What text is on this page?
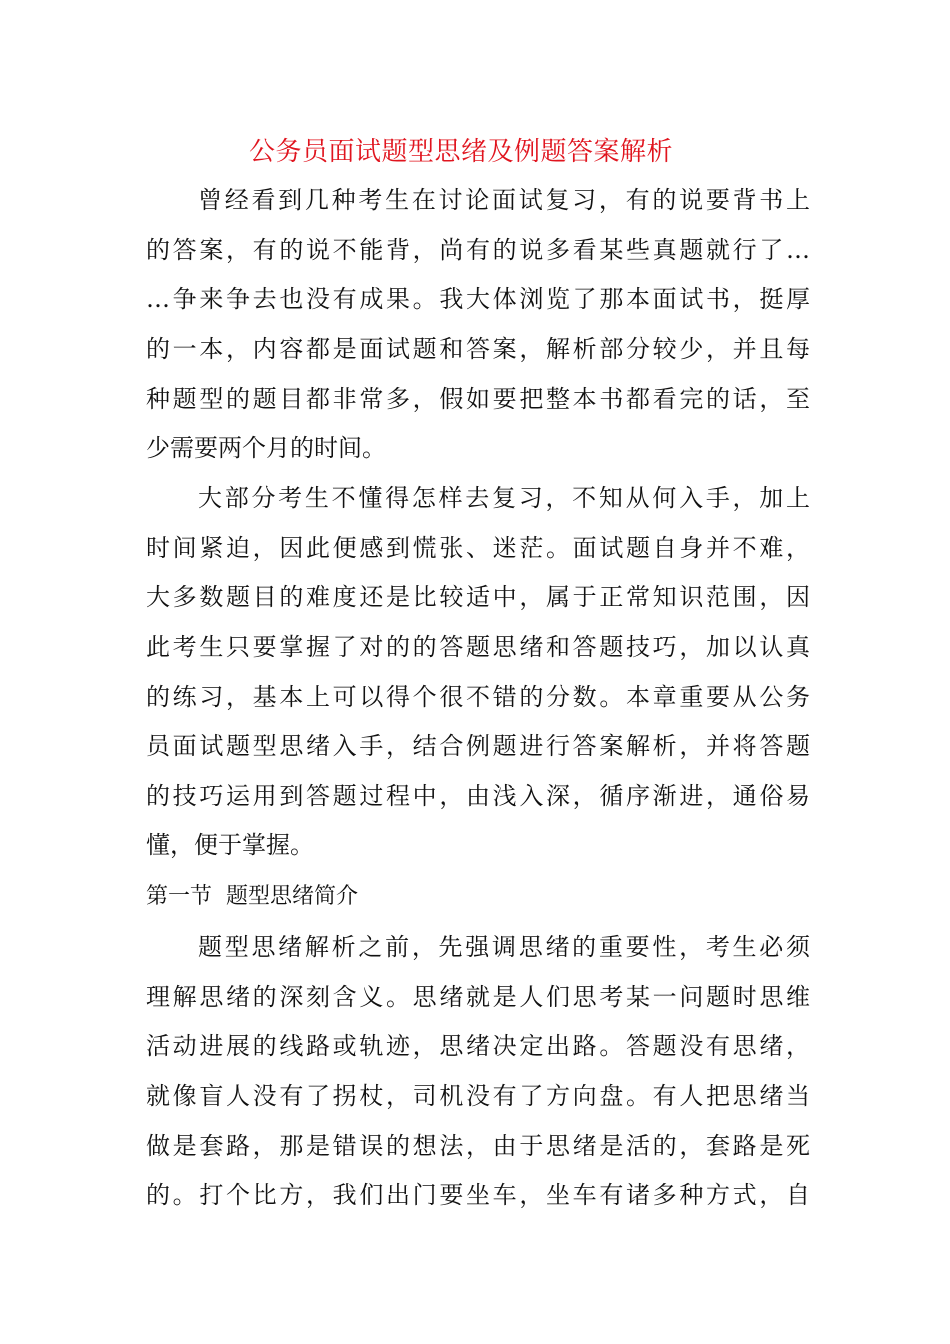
公务员面试题型思绪及例题答案解析
曾经看到几种考生在讨论面试复习，有的说要背书上
的答案，有的说不能背，尚有的说多看某些真题就行了…
…争来争去也没有成果。我大体浏览了那本面试书，挺厚
的一本，内容都是面试题和答案，解析部分较少，并且每
种题型的题目都非常多，假如要把整本书都看完的话，至
少需要两个月的时间。
大部分考生不懂得怎样去复习，不知从何入手，加上
时间紧迫，因此便感到慌张、迷茫。面试题自身并不难，
大多数题目的难度还是比较适中，属于正常知识范围，因
此考生只要掌握了对的的答题思绪和答题技巧，加以认真
的练习，基本上可以得个很不错的分数。本章重要从公务
员面试题型思绪入手，结合例题进行答案解析，并将答题
的技巧运用到答题过程中，由浅入深，循序渐进，通俗易
懂，便于掌握。
第一节  题型思绪简介
题型思绪解析之前，先强调思绪的重要性，考生必须
理解思绪的深刻含义。思绪就是人们思考某一问题时思维
活动进展的线路或轨迹，思绪决定出路。答题没有思绪，
就像盲人没有了拐杖，司机没有了方向盘。有人把思绪当
做是套路，那是错误的想法，由于思绪是活的，套路是死
的。打个比方，我们出门要坐车，坐车有诸多种方式，自
